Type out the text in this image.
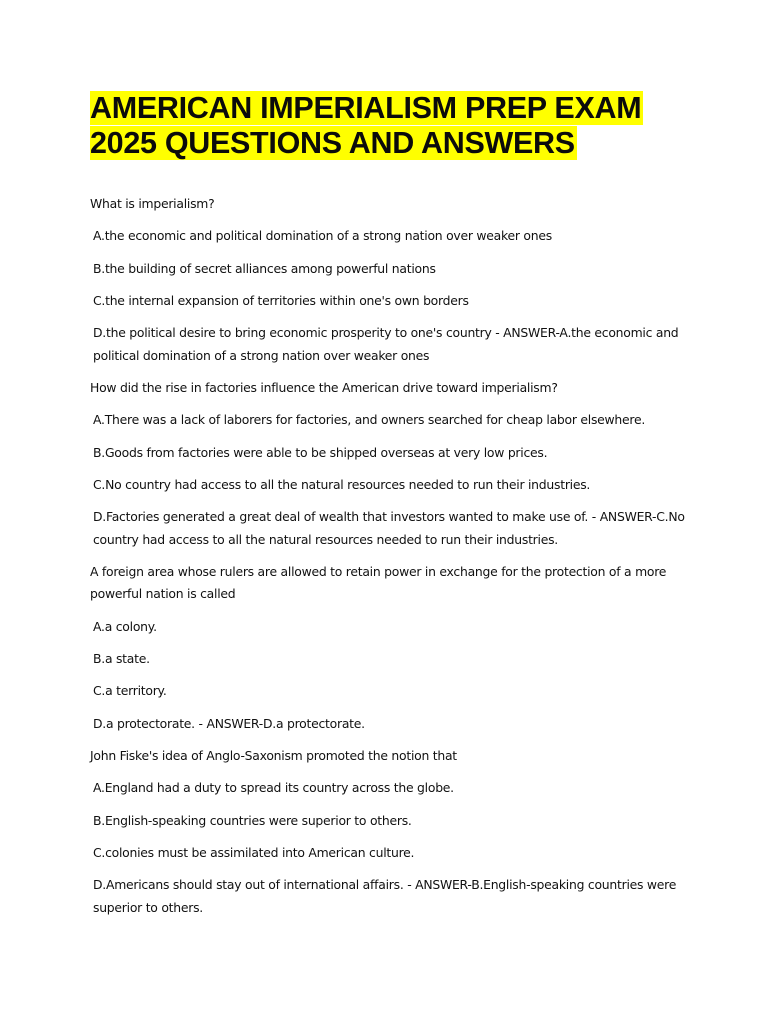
AMERICAN IMPERIALISM PREP EXAM
2025 QUESTIONS AND ANSWERS

What is imperialism?

A.the economic and political domination of a strong nation over weaker ones

B.the building of secret alliances among powerful nations

C.the internal expansion of territories within one's own borders

D.the political desire to bring economic prosperity to one's country - ANSWER-A.the economic and political domination of a strong nation over weaker ones

How did the rise in factories influence the American drive toward imperialism?

A.There was a lack of laborers for factories, and owners searched for cheap labor elsewhere.

B.Goods from factories were able to be shipped overseas at very low prices.

C.No country had access to all the natural resources needed to run their industries.

D.Factories generated a great deal of wealth that investors wanted to make use of. - ANSWER-C.No country had access to all the natural resources needed to run their industries.

A foreign area whose rulers are allowed to retain power in exchange for the protection of a more powerful nation is called

A.a colony.

B.a state.

C.a territory.

D.a protectorate. - ANSWER-D.a protectorate.

John Fiske's idea of Anglo-Saxonism promoted the notion that

A.England had a duty to spread its country across the globe.

B.English-speaking countries were superior to others.

C.colonies must be assimilated into American culture.

D.Americans should stay out of international affairs. - ANSWER-B.English-speaking countries were superior to others.
